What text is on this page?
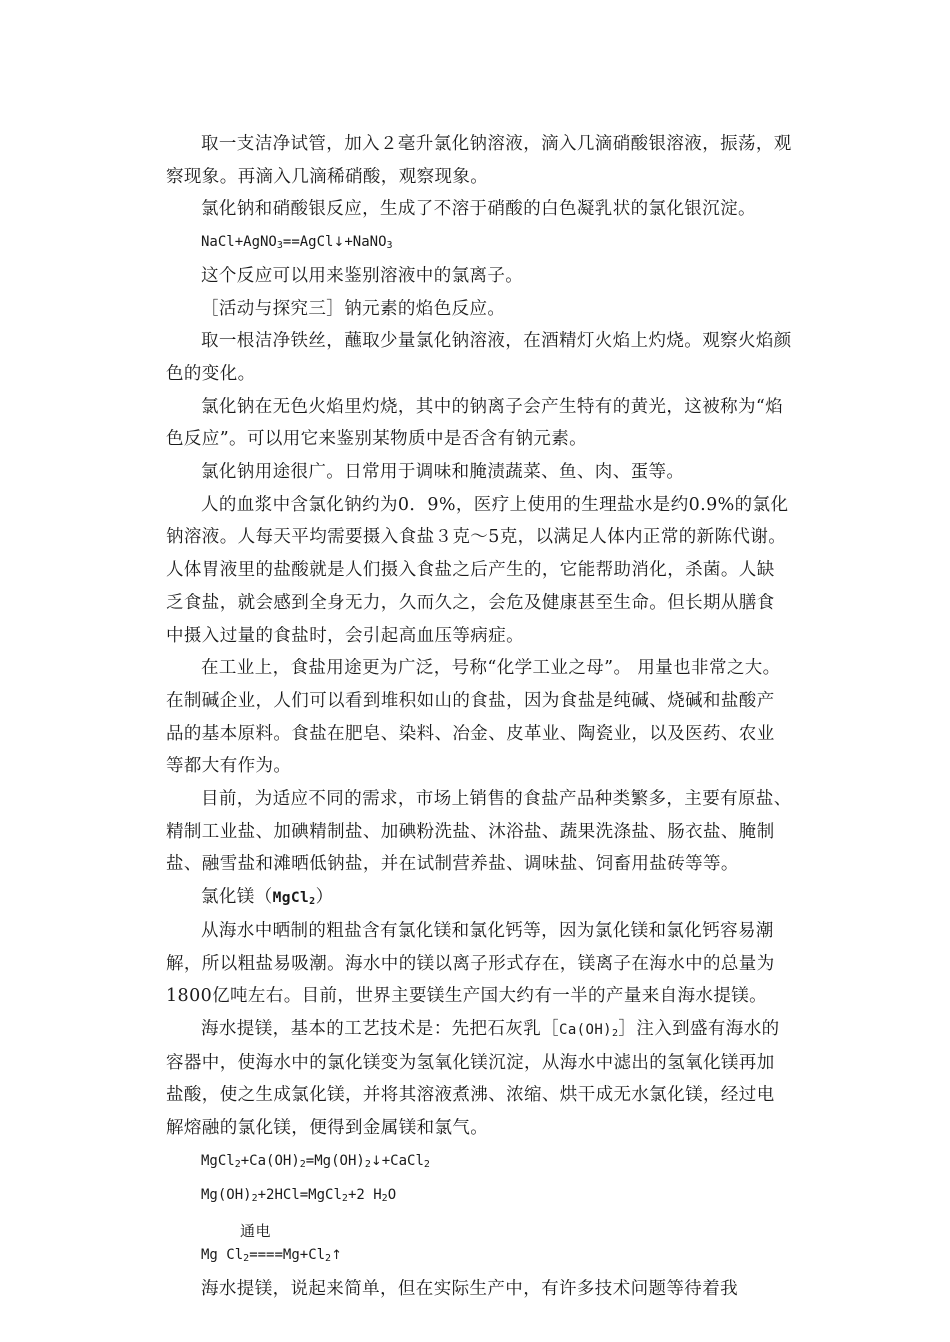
取一支洁净试管，加入２毫升氯化钠溶液，滴入几滴硝酸银溶液，振荡，观察现象。再滴入几滴稀硝酸，观察现象。

氯化钠和硝酸银反应，生成了不溶于硝酸的白色凝乳状的氯化银沉淀。

NaCl+AgNO$_3$==AgCl↓+NaNO$_3$

这个反应可以用来鉴别溶液中的氯离子。

［活动与探究三］钠元素的焰色反应。

取一根洁净铁丝，蘸取少量氯化钠溶液，在酒精灯火焰上灼烧。观察火焰颜色的变化。

氯化钠在无色火焰里灼烧，其中的钠离子会产生特有的黄光，这被称为“焰色反应”。可以用它来鉴别某物质中是否含有钠元素。

氯化钠用途很广。日常用于调味和腌渍蔬菜、鱼、肉、蛋等。

人的血浆中含氯化钠约为0．9%，医疗上使用的生理盐水是约0.9%的氯化钠溶液。人每天平均需要摄入食盐３克～5克，以满足人体内正常的新陈代谢。人体胃液里的盐酸就是人们摄入食盐之后产生的，它能帮助消化，杀菌。人缺乏食盐，就会感到全身无力，久而久之，会危及健康甚至生命。但长期从膳食中摄入过量的食盐时，会引起高血压等病症。

在工业上，食盐用途更为广泛，号称“化学工业之母”。 用量也非常之大。在制碱企业，人们可以看到堆积如山的食盐，因为食盐是纯碱、烧碱和盐酸产品的基本原料。食盐在肥皂、染料、冶金、皮革业、陶瓷业，以及医药、农业等都大有作为。

目前，为适应不同的需求，市场上销售的食盐产品种类繁多，主要有原盐、精制工业盐、加碘精制盐、加碘粉洗盐、沐浴盐、蔬果洗涤盐、肠衣盐、腌制盐、融雪盐和滩晒低钠盐，并在试制营养盐、调味盐、饲畜用盐砖等等。

氯化镁（MgCl$_2$）

从海水中晒制的粗盐含有氯化镁和氯化钙等，因为氯化镁和氯化钙容易潮解，所以粗盐易吸潮。海水中的镁以离子形式存在，镁离子在海水中的总量为1800亿吨左右。目前，世界主要镁生产国大约有一半的产量来自海水提镁。

海水提镁，基本的工艺技术是：先把石灰乳$[Ca(OH)_2]$注入到盛有海水的容器中，使海水中的氯化镁变为氢氧化镁沉淀，从海水中滤出的氢氧化镁再加盐酸，使之生成氯化镁，并将其溶液煮沸、浓缩、烘干成无水氯化镁，经过电解熔融的氯化镁，便得到金属镁和氯气。

$MgCl_2+Ca(OH)_2=Mg(OH)_2↓+CaCl_2$

$Mg(OH)_2+2HCl=MgCl_2+2$ $H_2O$

通电
Mg $Cl_2====Mg+Cl_2↑$

海水提镁，说起来简单，但在实际生产中，有许多技术问题等待着我
